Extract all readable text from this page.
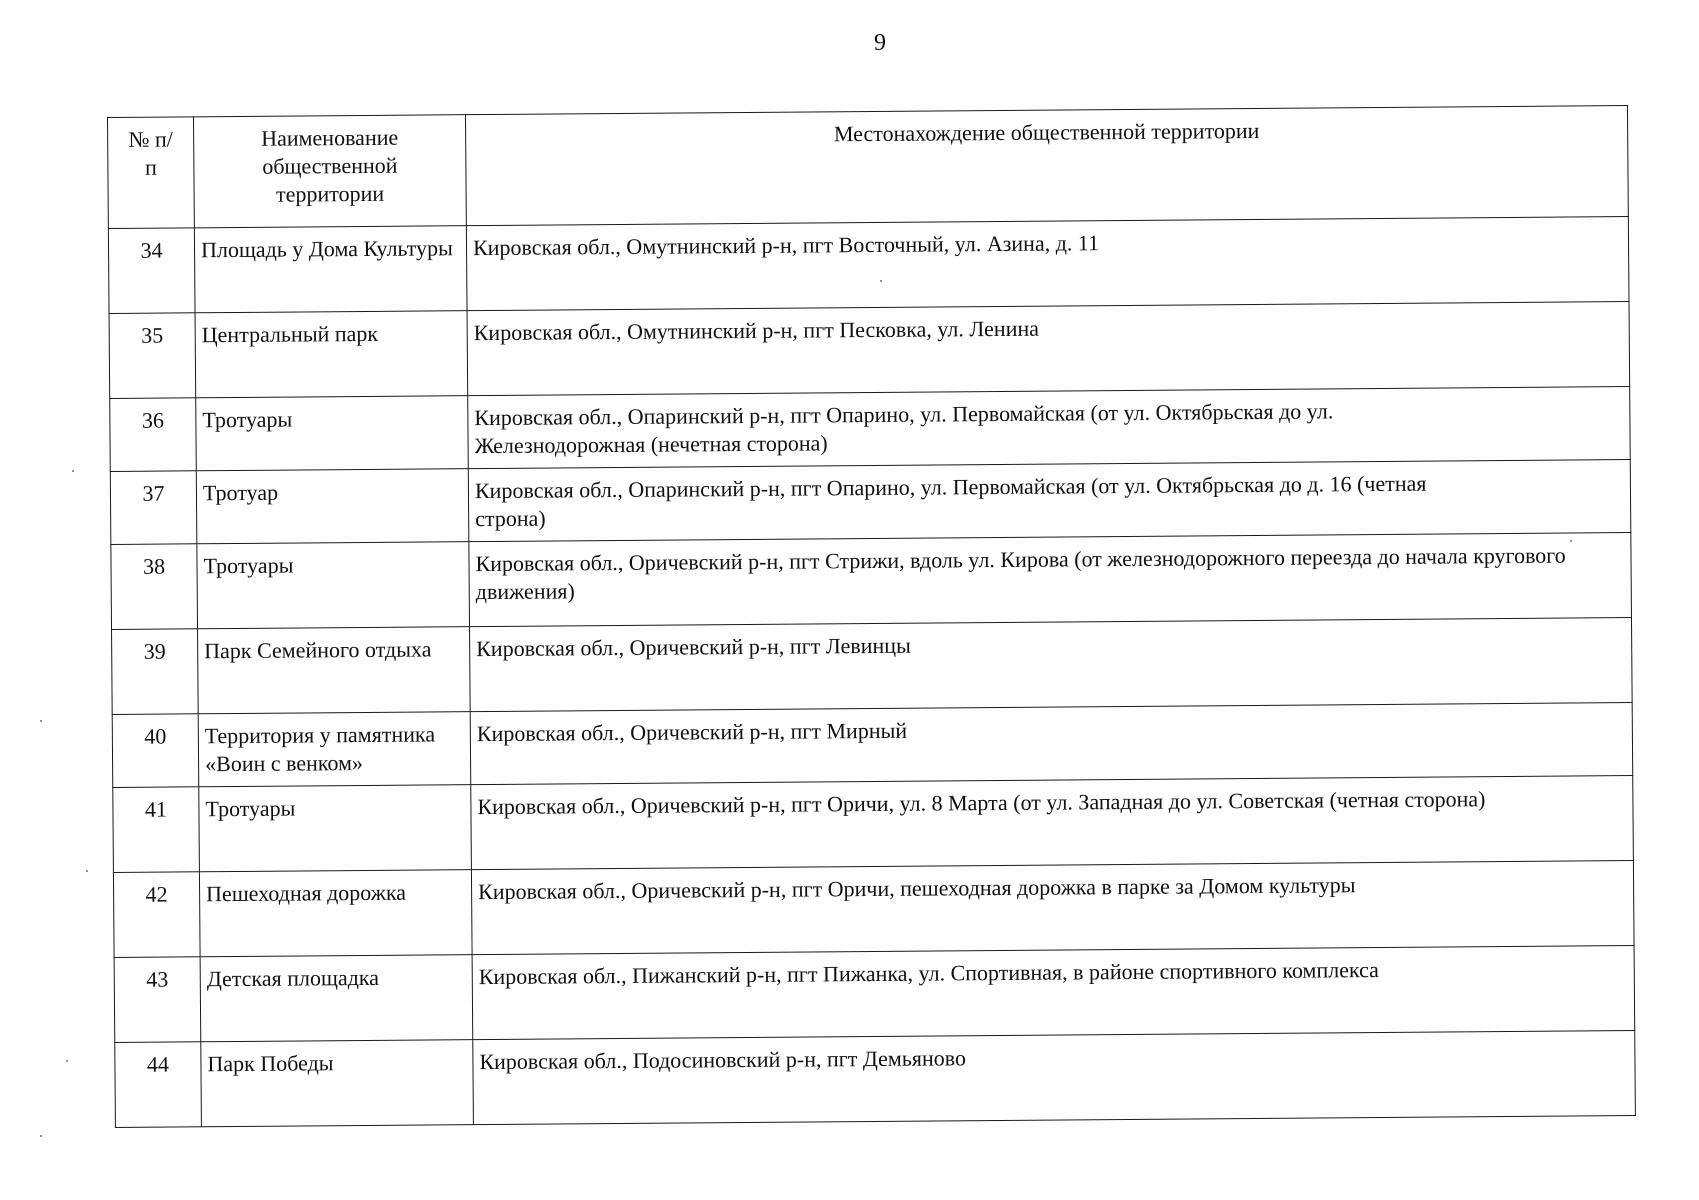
9
№ п/п	Наименование общественной территории	Местонахождение общественной территории
34	Площадь у Дома Культуры	Кировская обл., Омутнинский р-н, пгт Восточный, ул. Азина, д. 11
35	Центральный парк	Кировская обл., Омутнинский р-н, пгт Песковка, ул. Ленина
36	Тротуары	Кировская обл., Опаринский р-н, пгт Опарино, ул. Первомайская (от ул. Октябрьская до ул. Железнодорожная (нечетная сторона)
37	Тротуар	Кировская обл., Опаринский р-н, пгт Опарино, ул. Первомайская (от ул. Октябрьская до д. 16 (четная строна)
38	Тротуары	Кировская обл., Оричевский р-н, пгт Стрижи, вдоль ул. Кирова (от железнодорожного переезда до начала кругового движения)
39	Парк Семейного отдыха	Кировская обл., Оричевский р-н, пгт Левинцы
40	Территория у памятника «Воин с венком»	Кировская обл., Оричевский р-н, пгт Мирный
41	Тротуары	Кировская обл., Оричевский р-н, пгт Оричи, ул. 8 Марта (от ул. Западная до ул. Советская (четная сторона)
42	Пешеходная дорожка	Кировская обл., Оричевский р-н, пгт Оричи, пешеходная дорожка в парке за Домом культуры
43	Детская площадка	Кировская обл., Пижанский р-н, пгт Пижанка, ул. Спортивная, в районе спортивного комплекса
44	Парк Победы	Кировская обл., Подосиновский р-н, пгт Демьяново
